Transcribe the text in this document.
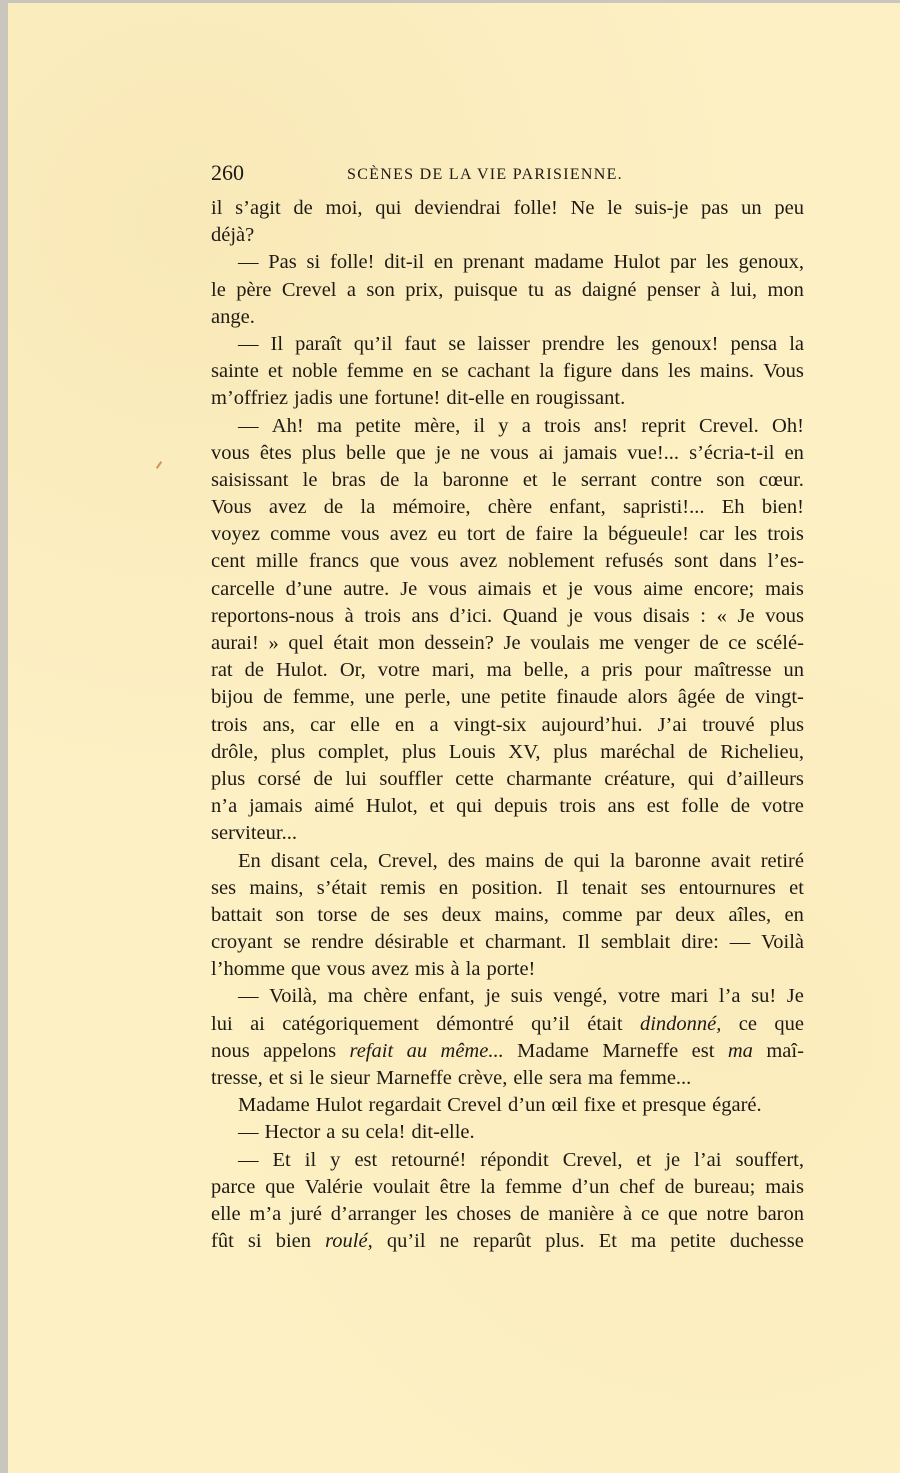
260	SCÈNES DE LA VIE PARISIENNE.
il s’agit de moi, qui deviendrai folle! Ne le suis-je pas un peu
déjà?
— Pas si folle! dit-il en prenant madame Hulot par les genoux,
le père Crevel a son prix, puisque tu as daigné penser à lui, mon
ange.
— Il paraît qu’il faut se laisser prendre les genoux! pensa la
sainte et noble femme en se cachant la figure dans les mains. Vous
m’offriez jadis une fortune! dit-elle en rougissant.
— Ah! ma petite mère, il y a trois ans! reprit Crevel. Oh!
vous êtes plus belle que je ne vous ai jamais vue!... s’écria-t-il en
saisissant le bras de la baronne et le serrant contre son cœur.
Vous avez de la mémoire, chère enfant, sapristi!... Eh bien!
voyez comme vous avez eu tort de faire la bégueule! car les trois
cent mille francs que vous avez noblement refusés sont dans l’es-
carcelle d’une autre. Je vous aimais et je vous aime encore; mais
reportons-nous à trois ans d’ici. Quand je vous disais : « Je vous
aurai! » quel était mon dessein? Je voulais me venger de ce scélé-
rat de Hulot. Or, votre mari, ma belle, a pris pour maîtresse un
bijou de femme, une perle, une petite finaude alors âgée de vingt-
trois ans, car elle en a vingt-six aujourd’hui. J’ai trouvé plus
drôle, plus complet, plus Louis XV, plus maréchal de Richelieu,
plus corsé de lui souffler cette charmante créature, qui d’ailleurs
n’a jamais aimé Hulot, et qui depuis trois ans est folle de votre
serviteur...
En disant cela, Crevel, des mains de qui la baronne avait retiré
ses mains, s’était remis en position. Il tenait ses entournures et
battait son torse de ses deux mains, comme par deux aîles, en
croyant se rendre désirable et charmant. Il semblait dire: — Voilà
l’homme que vous avez mis à la porte!
— Voilà, ma chère enfant, je suis vengé, votre mari l’a su! Je
lui ai catégoriquement démontré qu’il était dindonné, ce que
nous appelons refait au même... Madame Marneffe est ma maî-
tresse, et si le sieur Marneffe crève, elle sera ma femme...
Madame Hulot regardait Crevel d’un œil fixe et presque égaré.
— Hector a su cela! dit-elle.
— Et il y est retourné! répondit Crevel, et je l’ai souffert,
parce que Valérie voulait être la femme d’un chef de bureau; mais
elle m’a juré d’arranger les choses de manière à ce que notre baron
fût si bien roulé, qu’il ne reparût plus. Et ma petite duchesse
